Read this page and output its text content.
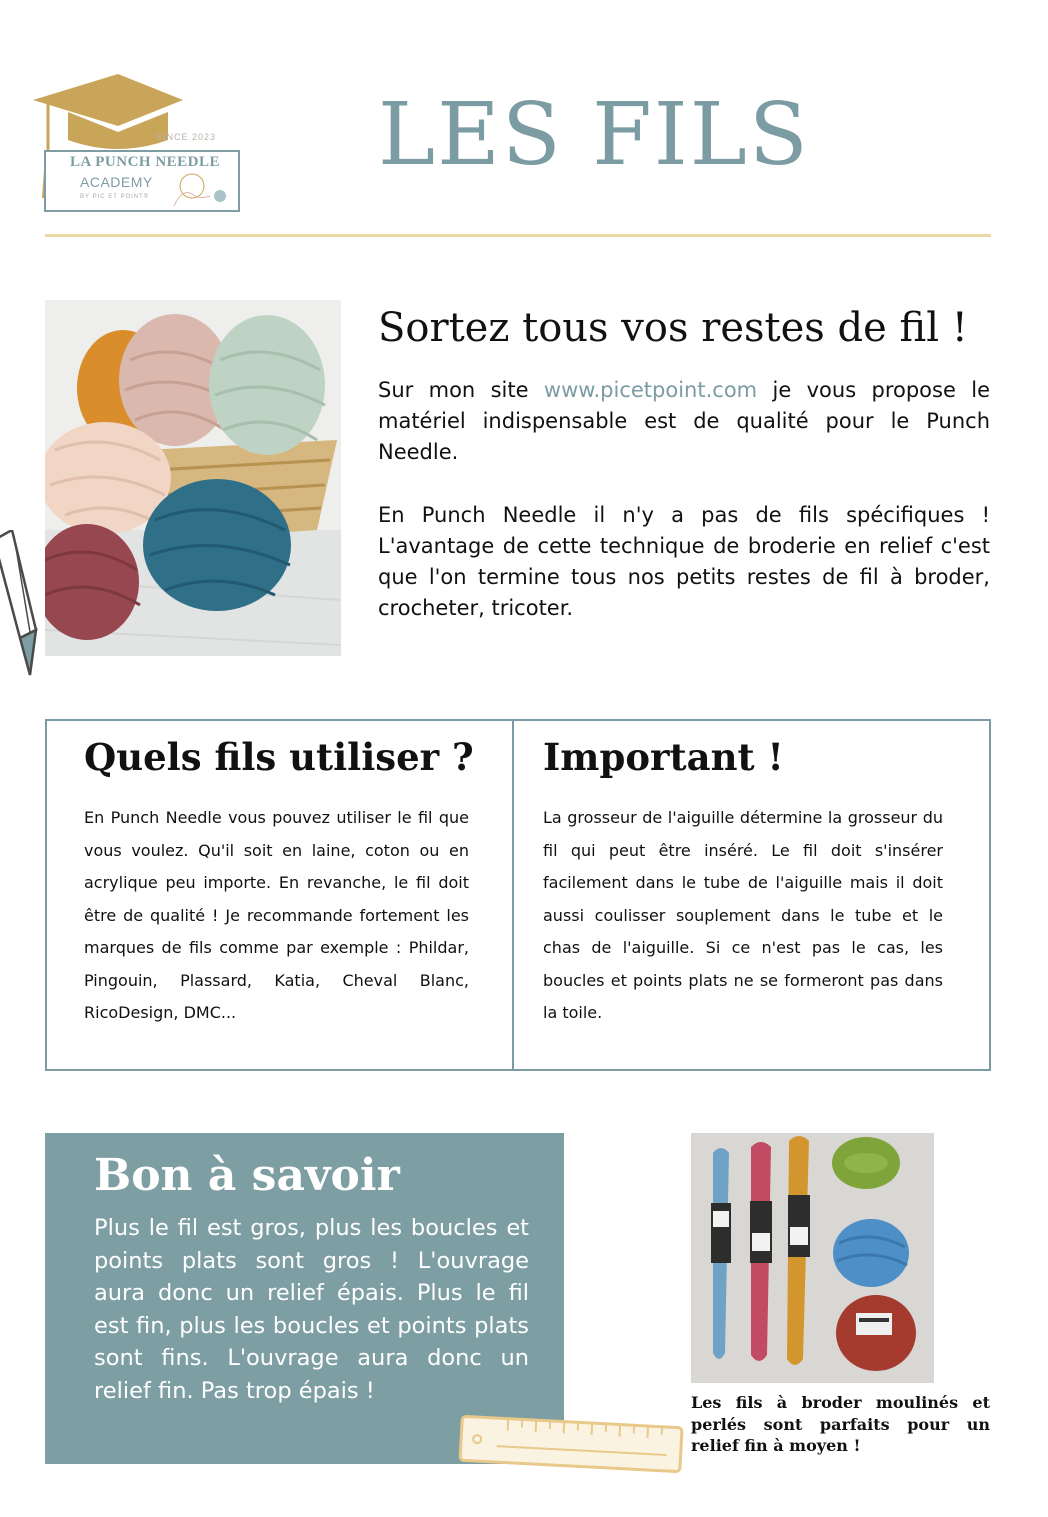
SINCE 2023
LA PUNCH NEEDLE
ACADEMY
BY PIC ET POINT®
LES FILS
Sortez tous vos restes de fil !

Sur mon site www.picetpoint.com je vous propose le matériel indispensable est de qualité pour le Punch Needle.

En Punch Needle il n'y a pas de fils spécifiques ! L'avantage de cette technique de broderie en relief c'est que l'on termine tous nos petits restes de fil à broder, crocheter, tricoter.

Quels fils utiliser ?

En Punch Needle vous pouvez utiliser le fil que vous voulez. Qu'il soit en laine, coton ou en acrylique peu importe. En revanche, le fil doit être de qualité ! Je recommande fortement les marques de fils comme par exemple : Phildar, Pingouin, Plassard, Katia, Cheval Blanc, RicoDesign, DMC...

Important !

La grosseur de l'aiguille détermine la grosseur du fil qui peut être inséré. Le fil doit s'insérer facilement dans le tube de l'aiguille mais il doit aussi coulisser souplement dans le tube et le chas de l'aiguille. Si ce n'est pas le cas, les boucles et points plats ne se formeront pas dans la toile.

Bon à savoir

Plus le fil est gros, plus les boucles et points plats sont gros ! L'ouvrage aura donc un relief épais. Plus le fil est fin, plus les boucles et points plats sont fins. L'ouvrage aura donc un relief fin. Pas trop épais !	Les fils à broder moulinés et perlés sont parfaits pour un relief fin à moyen !
